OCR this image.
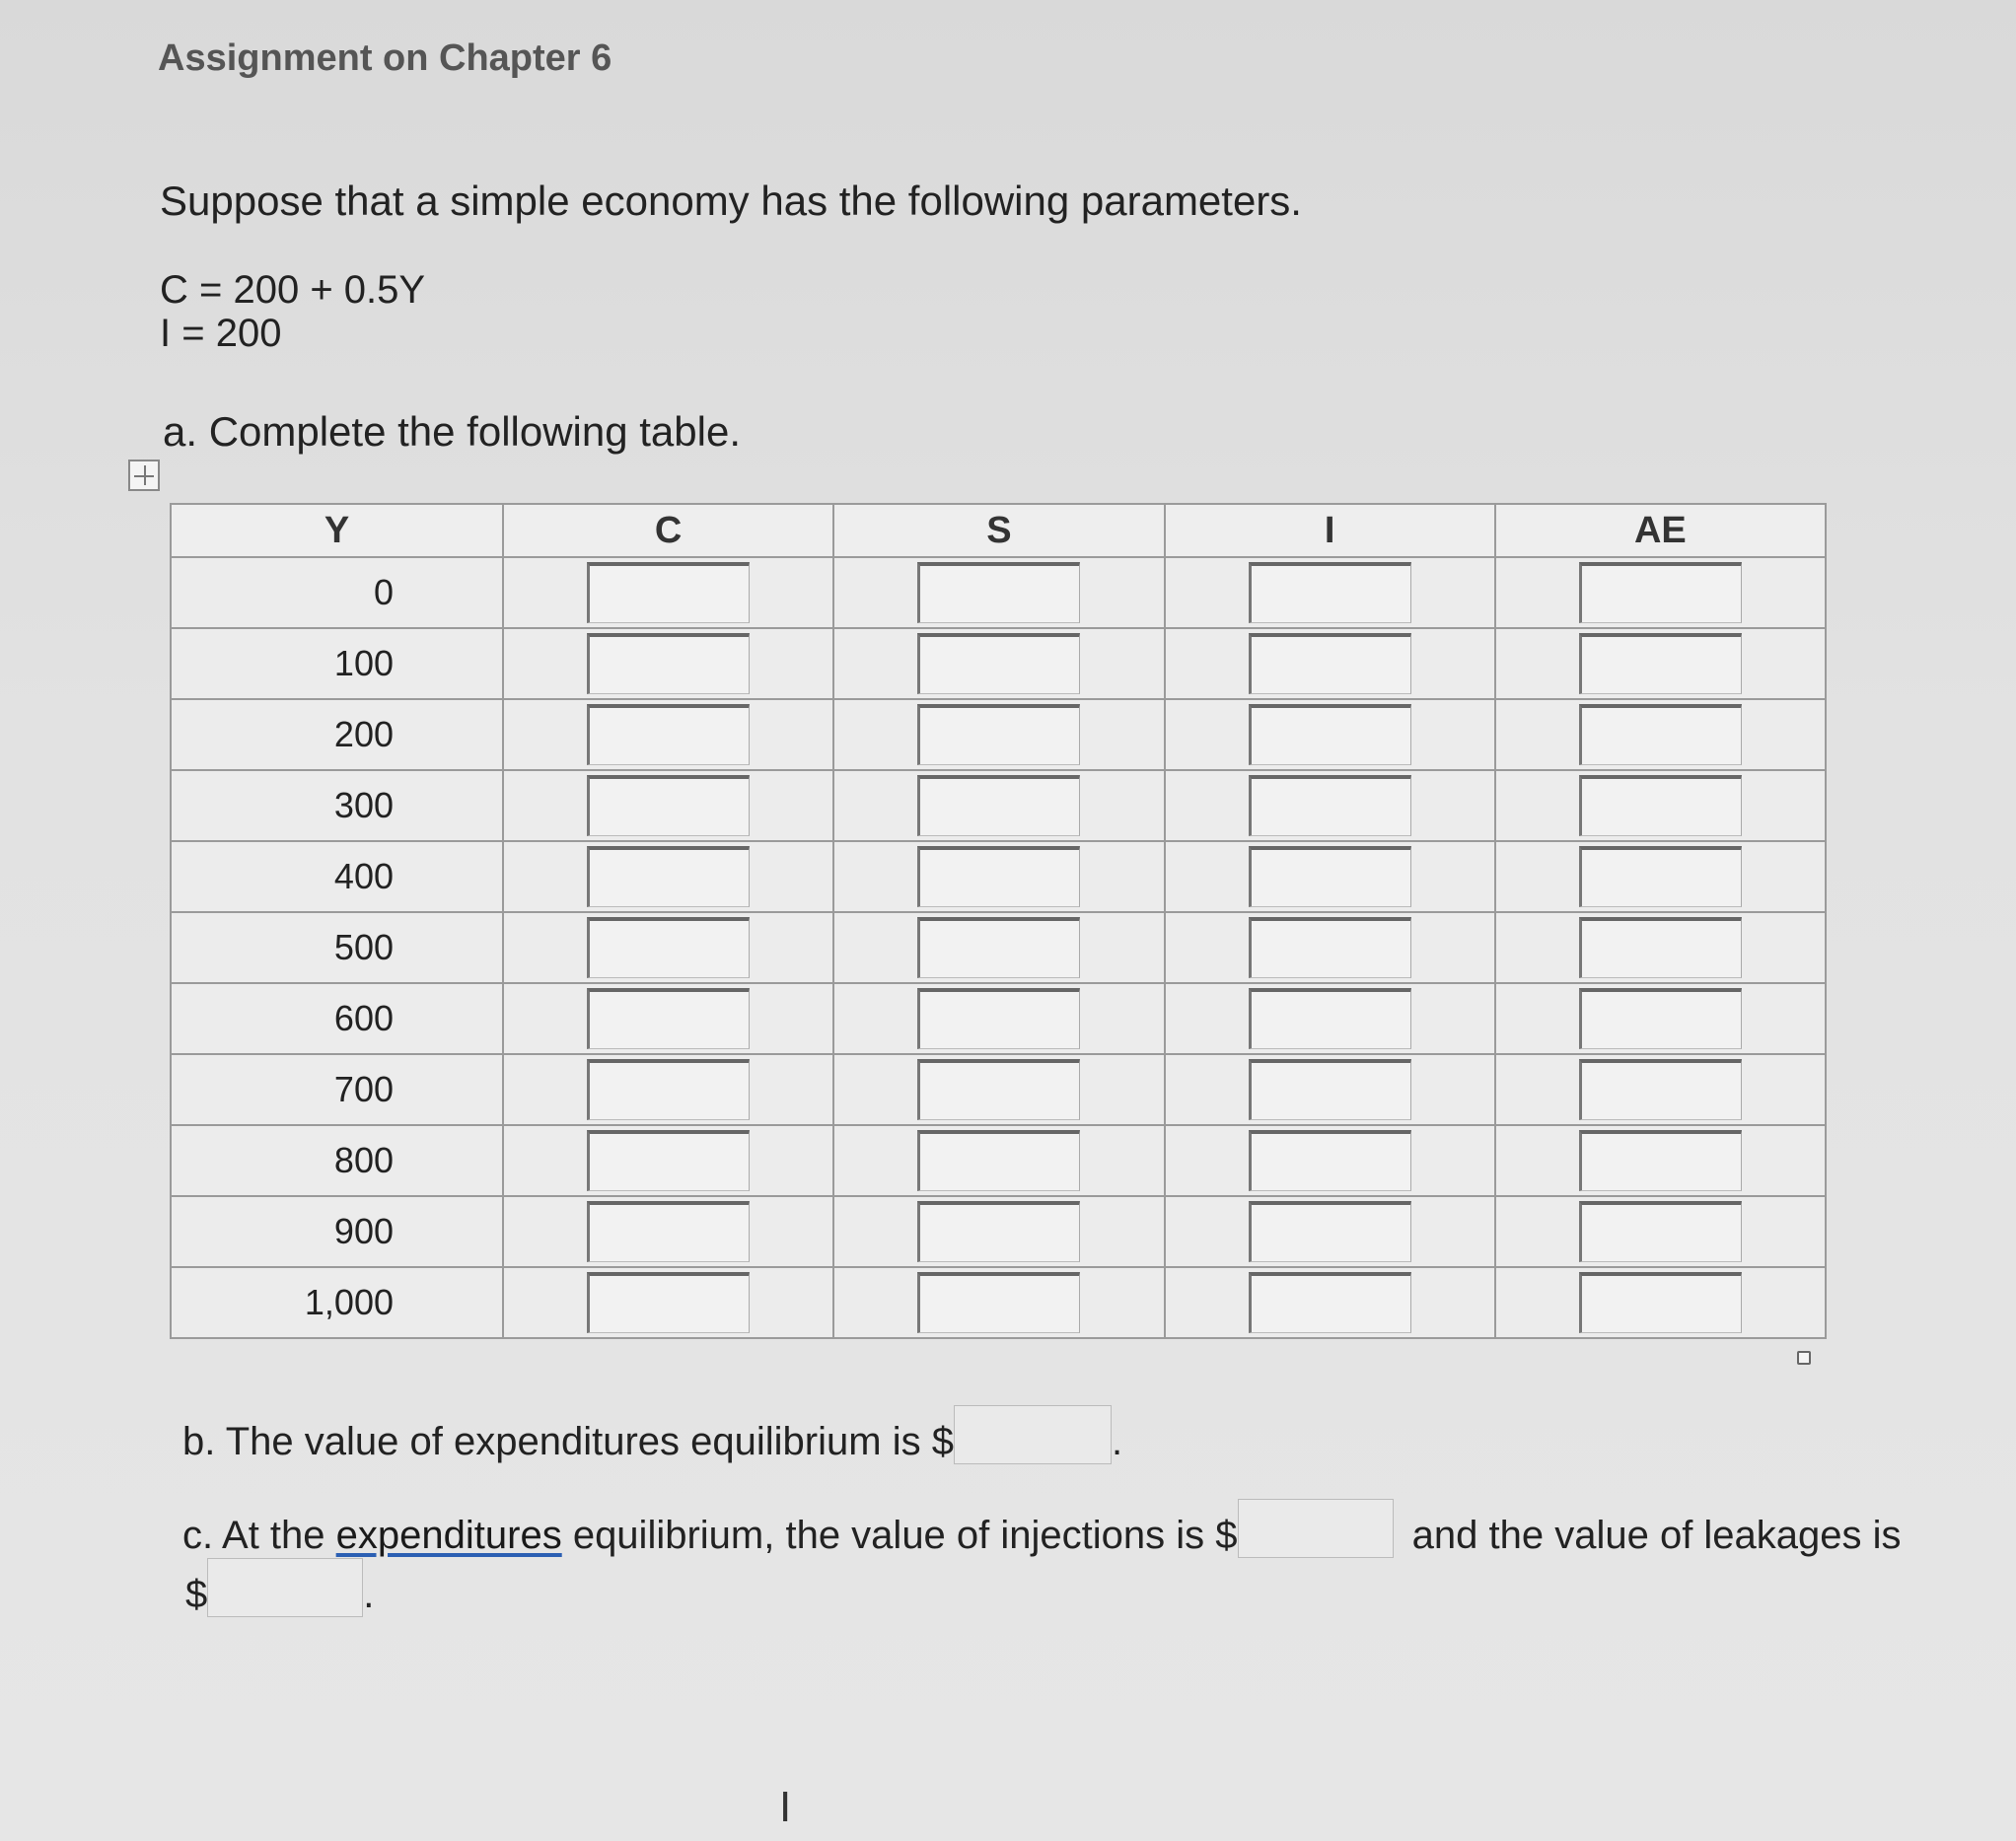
Assignment on Chapter 6
Suppose that a simple economy has the following parameters.
C = 200 + 0.5Y
I = 200
a. Complete the following table.
Y	C	S	I	AE
0				
100				
200				
300				
400				
500				
600				
700				
800				
900				
1,000				
b. The value of expenditures equilibrium is $	.
c. At the expenditures equilibrium, the value of injections is $	and the value of leakages is
$	.
I
